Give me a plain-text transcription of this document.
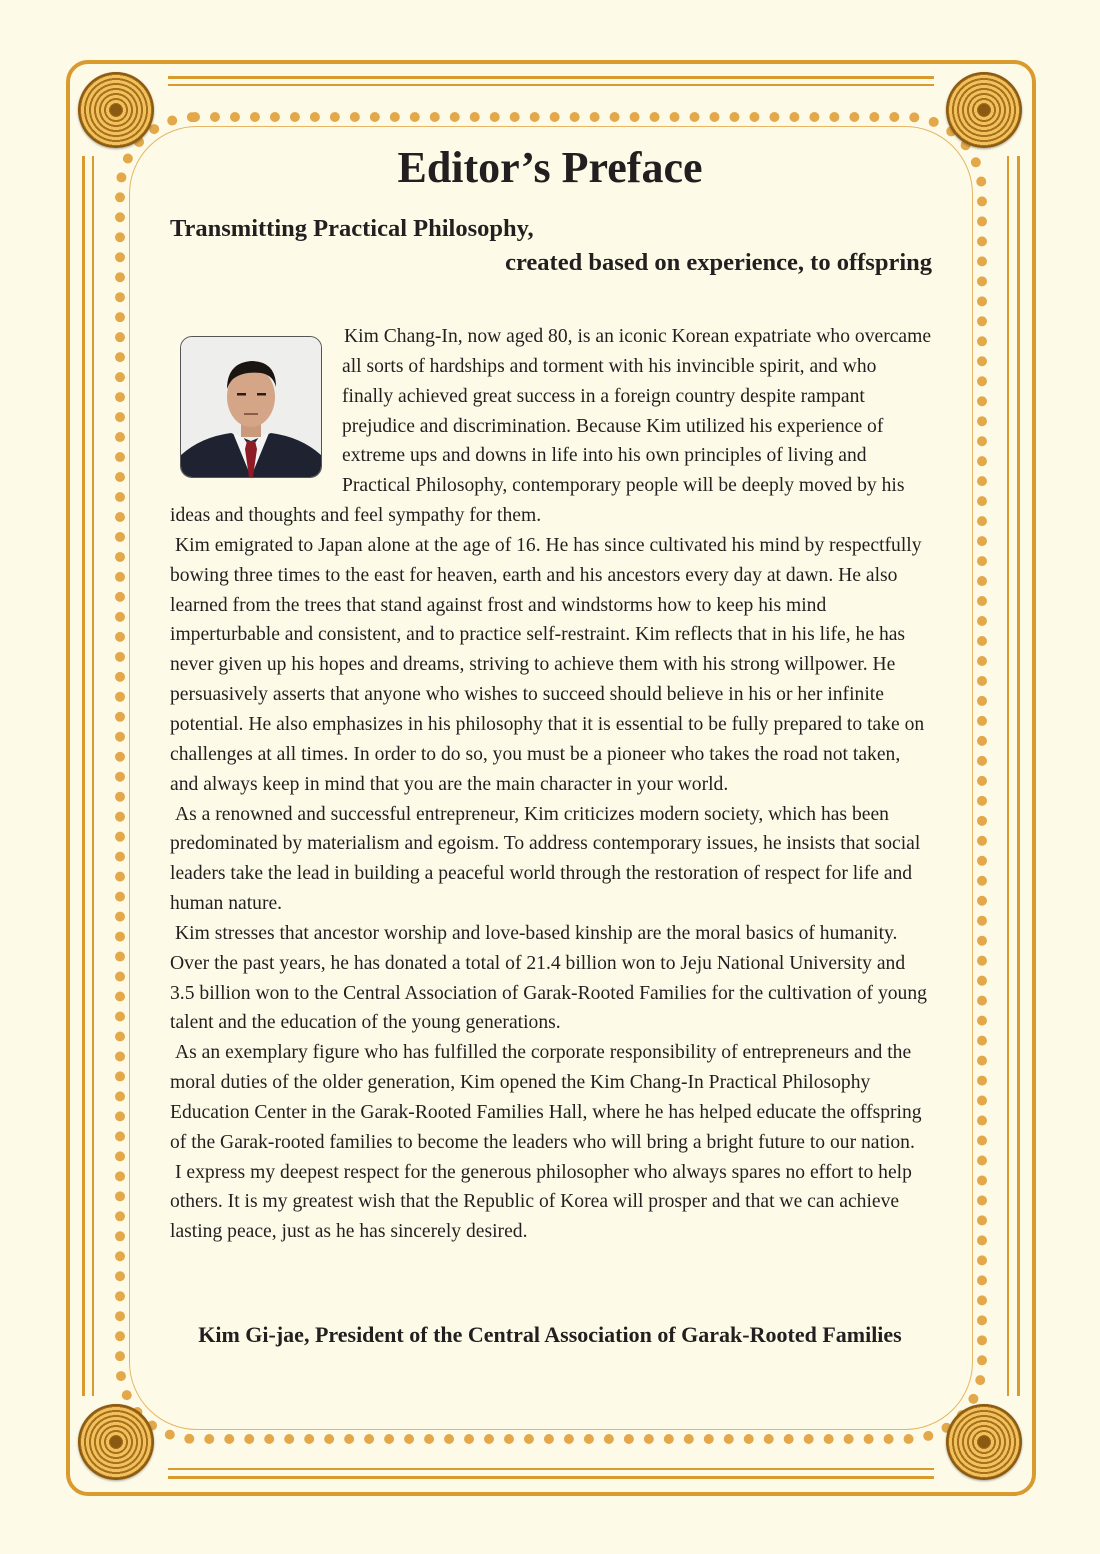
Editor’s Preface
Transmitting Practical Philosophy,
created based on experience, to offspring

Kim Chang-In, now aged 80, is an iconic Korean expatriate who overcame all sorts of hardships and torment with his invincible spirit, and who finally achieved great success in a foreign country despite rampant prejudice and discrimination. Because Kim utilized his experience of extreme ups and downs in life into his own principles of living and Practical Philosophy, contemporary people will be deeply moved by his ideas and thoughts and feel sympathy for them.

Kim emigrated to Japan alone at the age of 16. He has since cultivated his mind by respectfully bowing three times to the east for heaven, earth and his ancestors every day at dawn. He also learned from the trees that stand against frost and windstorms how to keep his mind imperturbable and consistent, and to practice self-restraint. Kim reflects that in his life, he has never given up his hopes and dreams, striving to achieve them with his strong willpower. He persuasively asserts that anyone who wishes to succeed should believe in his or her infinite potential. He also emphasizes in his philosophy that it is essential to be fully prepared to take on challenges at all times. In order to do so, you must be a pioneer who takes the road not taken, and always keep in mind that you are the main character in your world.

As a renowned and successful entrepreneur, Kim criticizes modern society, which has been predominated by materialism and egoism. To address contemporary issues, he insists that social leaders take the lead in building a peaceful world through the restoration of respect for life and human nature.

Kim stresses that ancestor worship and love-based kinship are the moral basics of humanity. Over the past years, he has donated a total of 21.4 billion won to Jeju National University and 3.5 billion won to the Central Association of Garak-Rooted Families for the cultivation of young talent and the education of the young generations.

As an exemplary figure who has fulfilled the corporate responsibility of entrepreneurs and the moral duties of the older generation, Kim opened the Kim Chang-In Practical Philosophy Education Center in the Garak-Rooted Families Hall, where he has helped educate the offspring of the Garak-rooted families to become the leaders who will bring a bright future to our nation.

I express my deepest respect for the generous philosopher who always spares no effort to help others. It is my greatest wish that the Republic of Korea will prosper and that we can achieve lasting peace, just as he has sincerely desired.

Kim Gi-jae, President of the Central Association of Garak-Rooted Families
